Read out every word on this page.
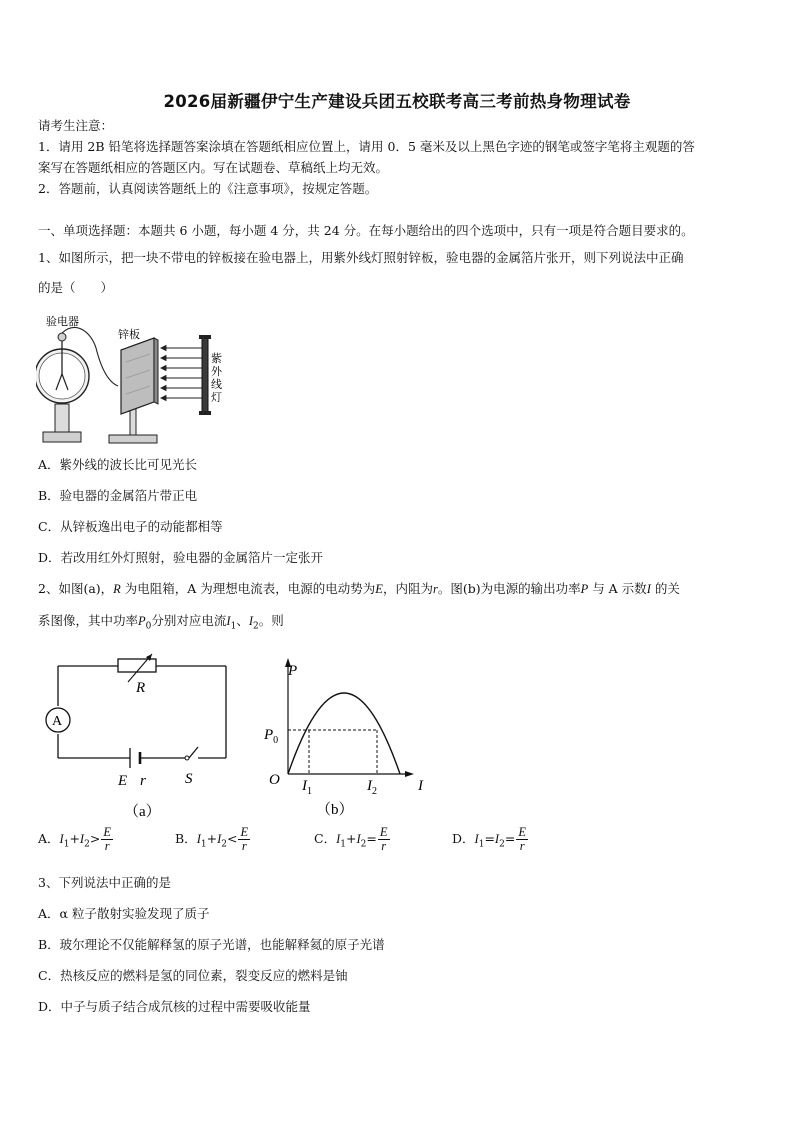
2026届新疆伊宁生产建设兵团五校联考高三考前热身物理试卷
请考生注意：
1．请用 2B 铅笔将选择题答案涂填在答题纸相应位置上，请用 0．5 毫米及以上黑色字迹的钢笔或签字笔将主观题的答
案写在答题纸相应的答题区内。写在试题卷、草稿纸上均无效。
2．答题前，认真阅读答题纸上的《注意事项》，按规定答题。
一、单项选择题：本题共 6 小题，每小题 4 分，共 24 分。在每小题给出的四个选项中，只有一项是符合题目要求的。
1、如图所示，把一块不带电的锌板接在验电器上，用紫外线灯照射锌板，验电器的金属箔片张开，则下列说法中正确
的是（　　）
验电器
锌板
紫
外
线
灯
A．紫外线的波长比可见光长
B．验电器的金属箔片带正电
C．从锌板逸出电子的动能都相等
D．若改用红外灯照射，验电器的金属箔片一定张开
2、如图(a)，R 为电阻箱，A 为理想电流表，电源的电动势为E，内阻为r。图(b)为电源的输出功率P 与 A 示数I 的关
系图像，其中功率$P_0$分别对应电流$I_1$、$I_2$。则
A
R
E r	S
（a）
P
$P_0$
O $I_1$	$I_2$	I
（b）
A．$I_1+I_2> \frac{E}{r}$	B．$I_1+I_2< \frac{E}{r}$	C．$I_1+I_2= \frac{E}{r}$	D．$I_1=I_2= \frac{E}{r}$
3、下列说法中正确的是
A．α 粒子散射实验发现了质子
B．玻尔理论不仅能解释氢的原子光谱，也能解释氦的原子光谱
C．热核反应的燃料是氢的同位素，裂变反应的燃料是铀
D．中子与质子结合成氘核的过程中需要吸收能量
